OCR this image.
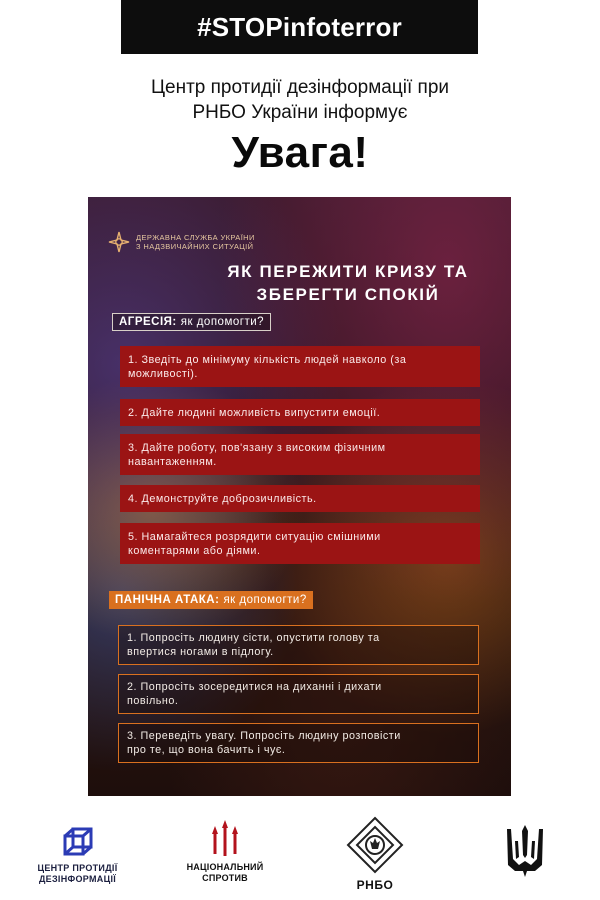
#STOPinfoterror
Центр протидії дезінформації при
РНБО України інформує
Увага!
ДЕРЖАВНА СЛУЖБА УКРАЇНИ
З НАДЗВИЧАЙНИХ СИТУАЦІЙ
ЯК ПЕРЕЖИТИ КРИЗУ ТА
ЗБЕРЕГТИ СПОКІЙ
АГРЕСІЯ: як допомогти?
1. Зведіть до мінімуму кількість людей навколо (за
можливості).
2. Дайте людині можливість випустити емоції.
3. Дайте роботу, пов'язану з високим фізичним
навантаженням.
4. Демонструйте доброзичливість.
5. Намагайтеся розрядити ситуацію смішними
коментарями або діями.
ПАНІЧНА АТАКА: як допомогти?
1. Попросіть людину сісти, опустити голову та
впертися ногами в підлогу.
2. Попросіть зосередитися на диханні і дихати
повільно.
3. Переведіть увагу. Попросіть людину розповісти
про те, що вона бачить і чує.
ЦЕНТР ПРОТИДІЇ
ДЕЗІНФОРМАЦІЇ
НАЦІОНАЛЬНИЙ
СПРОТИВ	РНБО
